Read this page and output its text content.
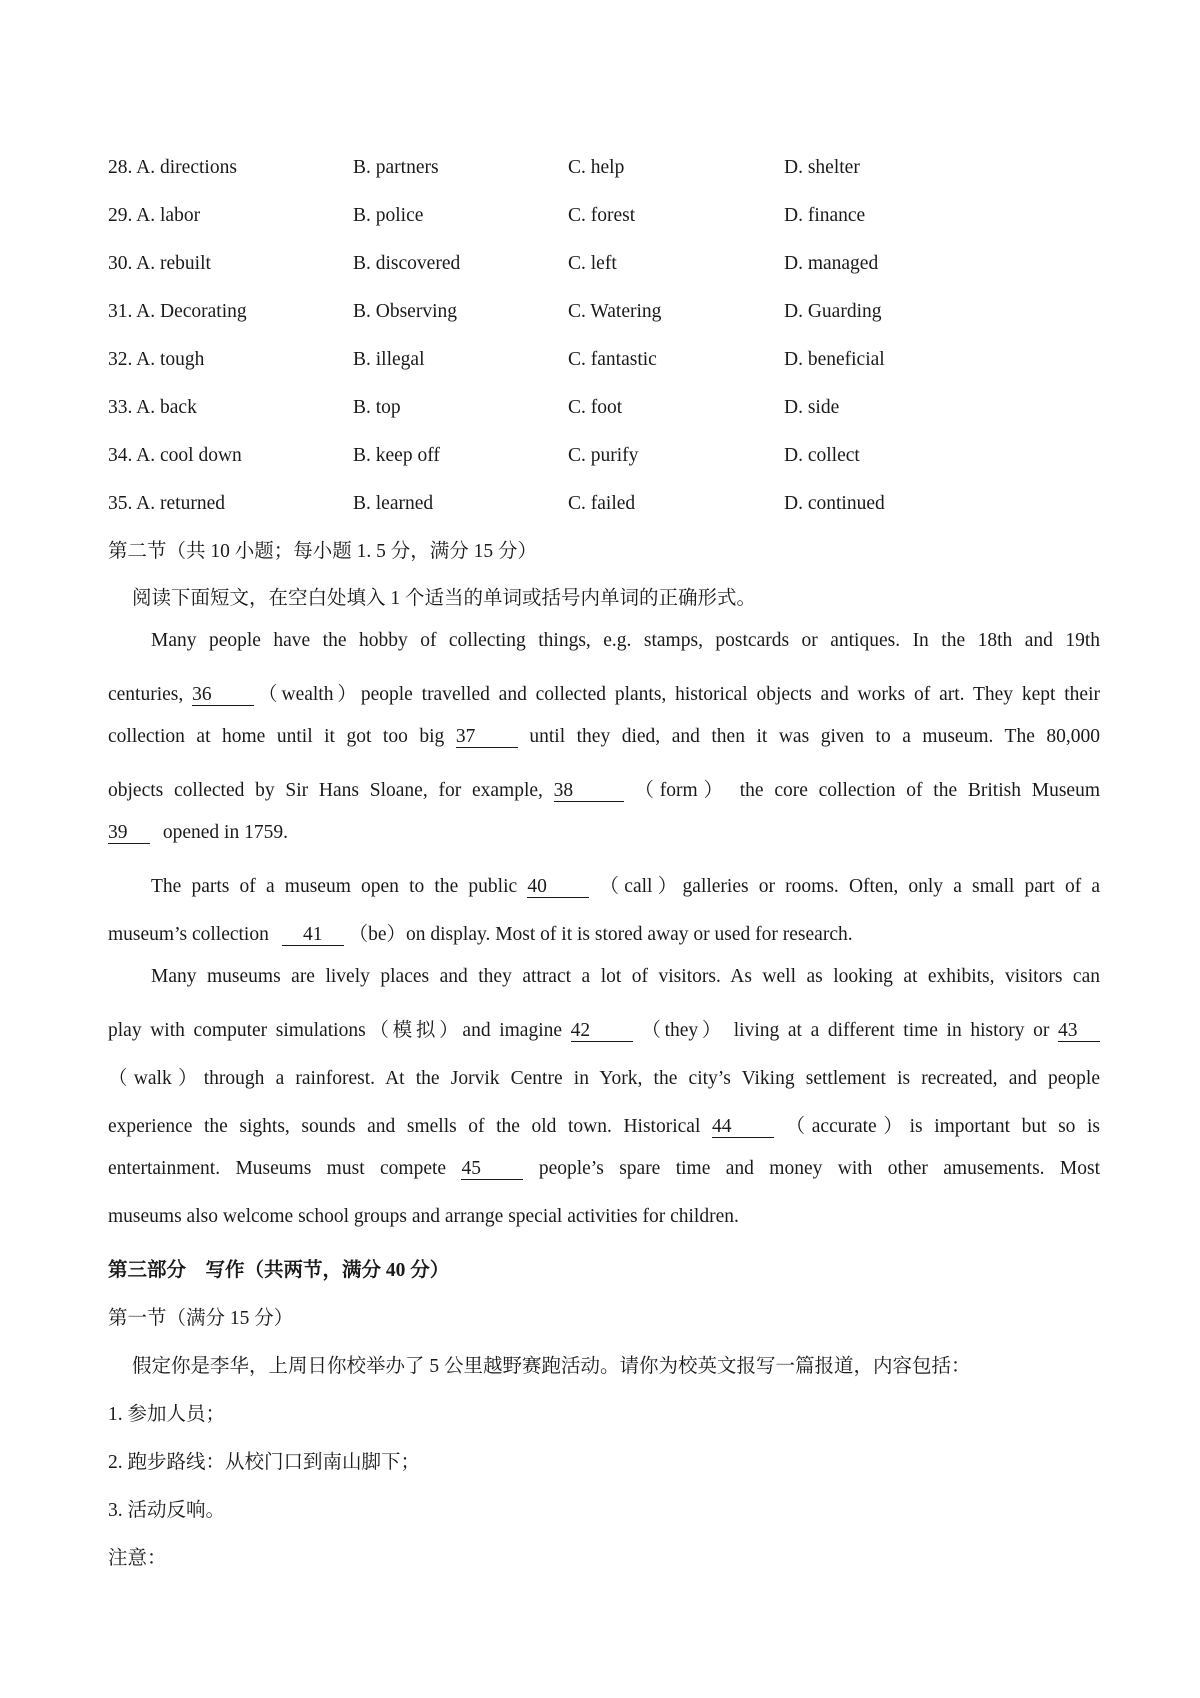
28. A. directions	B. partners	C. help	D. shelter
29. A. labor	B. police	C. forest	D. finance
30. A. rebuilt	B. discovered	C. left	D. managed
31. A. Decorating	B. Observing	C. Watering	D. Guarding
32. A. tough	B. illegal	C. fantastic	D. beneficial
33. A. back	B. top	C. foot	D. side
34. A. cool down	B. keep off	C. purify	D. collect
35. A. returned	B. learned	C. failed	D. continued
第二节（共 10 小题；每小题 1. 5 分，满分 15 分）
阅读下面短文，在空白处填入 1 个适当的单词或括号内单词的正确形式。
Many people have the hobby of collecting things, e.g. stamps, postcards or antiques. In the 18th and 19th
centuries, 36 （wealth）people travelled and collected plants, historical objects and works of art. They kept their
collection at home until it got too big 37	until they died, and then it was given to a museum. The 80,000
objects collected by Sir Hans Sloane, for example, 38	（form） the core collection of the British Museum
39 opened in 1759.
The parts of a museum open to the public 40	（call）galleries or rooms. Often, only a small part of a
museum’s collection 41 （be）on display. Most of it is stored away or used for research.
Many museums are lively places and they attract a lot of visitors. As well as looking at exhibits, visitors can
play with computer simulations（模拟）and imagine 42	（they） living at a different time in history or 43
（walk）through a rainforest. At the Jorvik Centre in York, the city’s Viking settlement is recreated, and people
experience the sights, sounds and smells of the old town. Historical 44	（accurate）is important but so is
entertainment. Museums must compete 45	people’s spare time and money with other amusements. Most
museums also welcome school groups and arrange special activities for children.
第三部分　写作（共两节，满分 40 分）
第一节（满分 15 分）
假定你是李华，上周日你校举办了 5 公里越野赛跑活动。请你为校英文报写一篇报道，内容包括：
1. 参加人员；
2. 跑步路线：从校门口到南山脚下；
3. 活动反响。
注意：
